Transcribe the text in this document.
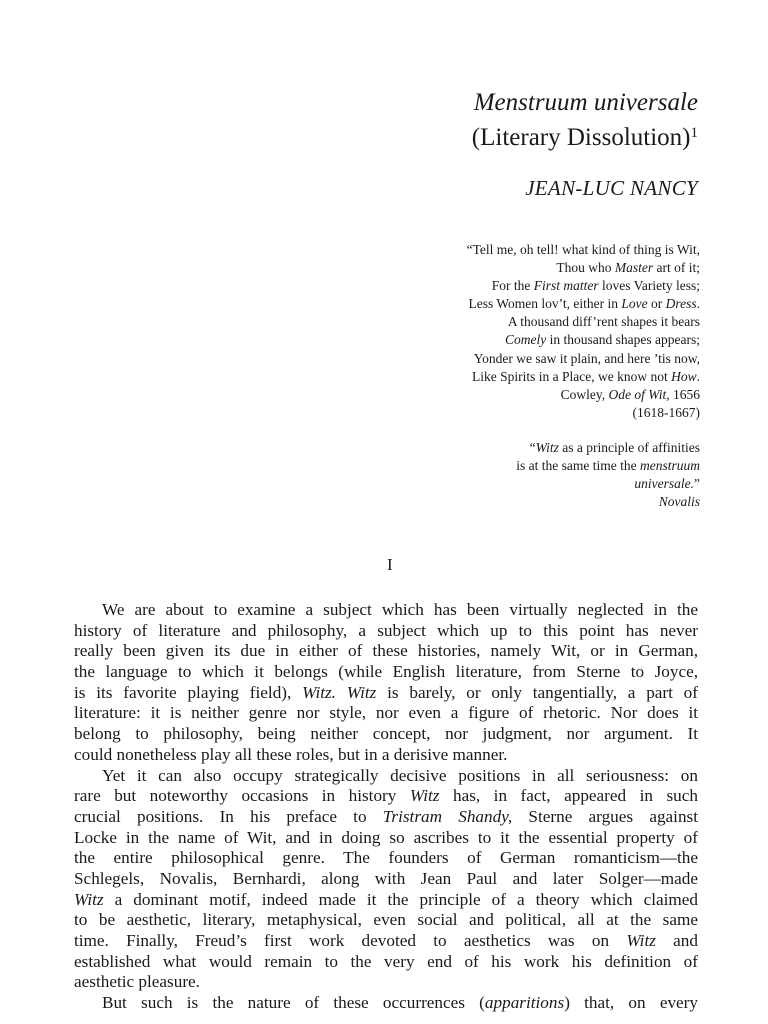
Menstruum universale
(Literary Dissolution)$^1$
JEAN-LUC NANCY
“Tell me, oh tell! what kind of thing is Wit,
Thou who Master art of it;
For the First matter loves Variety less;
Less Women lov’t, either in Love or Dress.
A thousand diff’rent shapes it bears
Comely in thousand shapes appears;
Yonder we saw it plain, and here ’tis now,
Like Spirits in a Place, we know not How.
Cowley, Ode of Wit, 1656
(1618-1667)
“Witz as a principle of affinities
is at the same time the menstruum
universale.”
Novalis
I
We are about to examine a subject which has been virtually neglected in the
history of literature and philosophy, a subject which up to this point has never
really been given its due in either of these histories, namely Wit, or in German,
the language to which it belongs (while English literature, from Sterne to Joyce,
is its favorite playing field), Witz. Witz is barely, or only tangentially, a part of
literature: it is neither genre nor style, nor even a figure of rhetoric. Nor does it
belong to philosophy, being neither concept, nor judgment, nor argument. It
could nonetheless play all these roles, but in a derisive manner.
Yet it can also occupy strategically decisive positions in all seriousness: on
rare but noteworthy occasions in history Witz has, in fact, appeared in such
crucial positions. In his preface to Tristram Shandy, Sterne argues against
Locke in the name of Wit, and in doing so ascribes to it the essential property of
the entire philosophical genre. The founders of German romanticism—the
Schlegels, Novalis, Bernhardi, along with Jean Paul and later Solger—made
Witz a dominant motif, indeed made it the principle of a theory which claimed
to be aesthetic, literary, metaphysical, even social and political, all at the same
time. Finally, Freud’s first work devoted to aesthetics was on Witz and
established what would remain to the very end of his work his definition of
aesthetic pleasure.
But such is the nature of these occurrences (apparitions) that, on every
